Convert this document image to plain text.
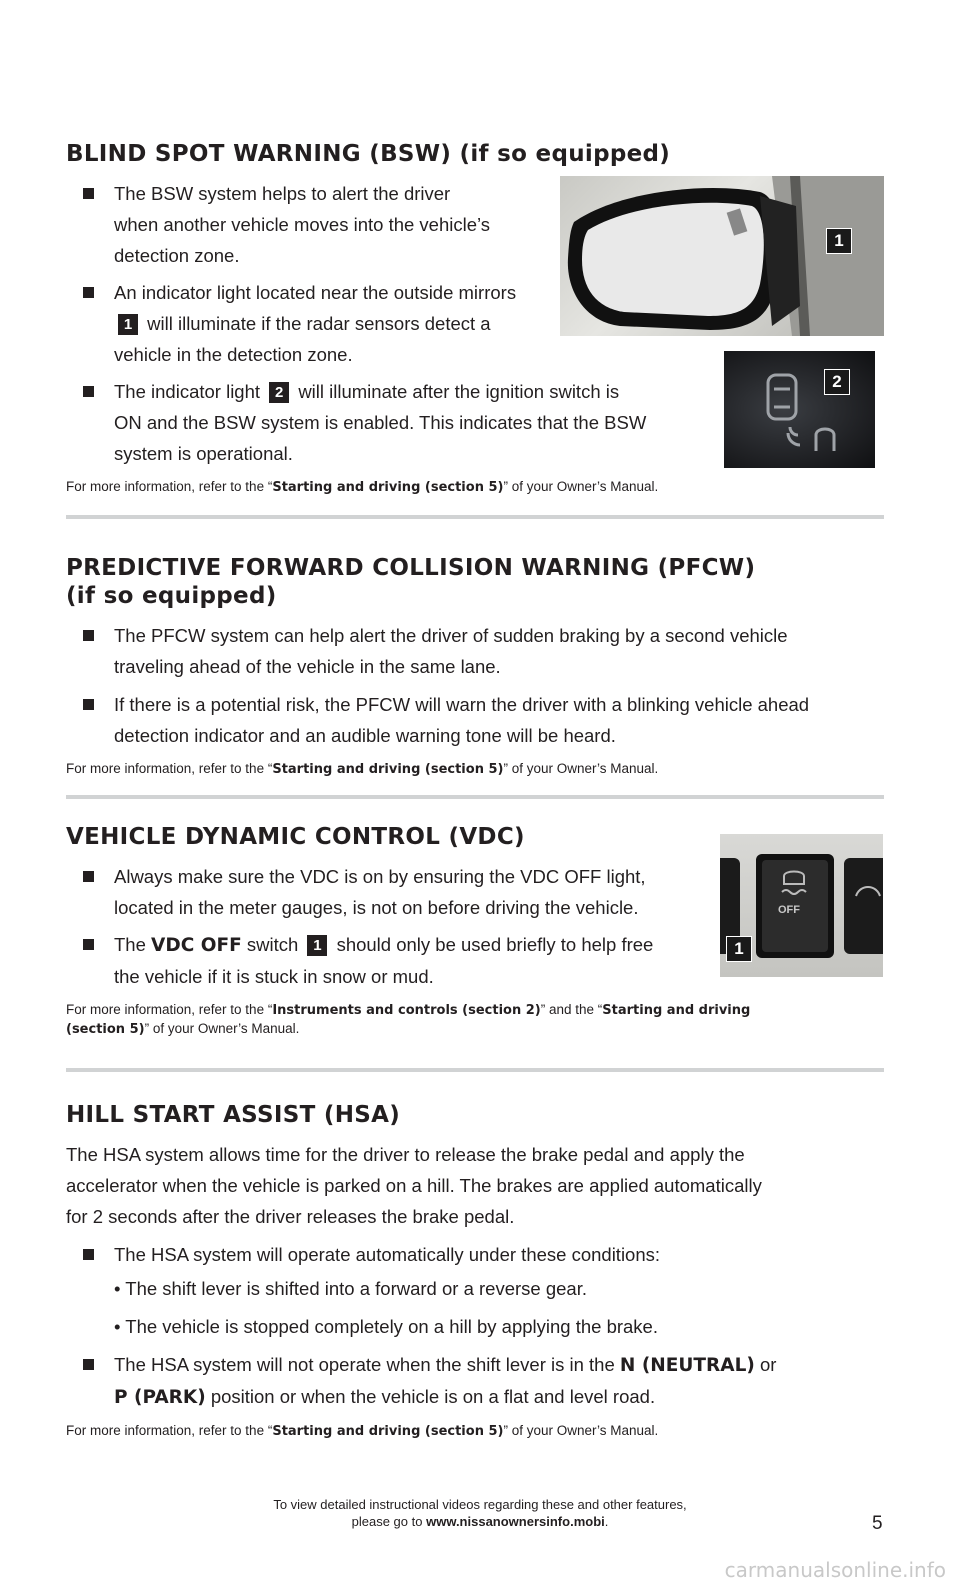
BLIND SPOT WARNING (BSW) (if so equipped)
The BSW system helps to alert the driver
when another vehicle moves into the vehicle’s
detection zone.
An indicator light located near the outside mirrors
1 will illuminate if the radar sensors detect a
vehicle in the detection zone.
The indicator light 2 will illuminate after the ignition switch is
ON and the BSW system is enabled. This indicates that the BSW
system is operational.
For more information, refer to the “Starting and driving (section 5)” of your Owner’s Manual.
1
2
PREDICTIVE FORWARD COLLISION WARNING (PFCW)
(if so equipped)
The PFCW system can help alert the driver of sudden braking by a second vehicle
traveling ahead of the vehicle in the same lane.
If there is a potential risk, the PFCW will warn the driver with a blinking vehicle ahead
detection indicator and an audible warning tone will be heard.
For more information, refer to the “Starting and driving (section 5)” of your Owner’s Manual.
VEHICLE DYNAMIC CONTROL (VDC)
Always make sure the VDC is on by ensuring the VDC OFF light,
located in the meter gauges, is not on before driving the vehicle.
The VDC OFF switch 1 should only be used briefly to help free
the vehicle if it is stuck in snow or mud.
For more information, refer to the “Instruments and controls (section 2)” and the “Starting and driving
(section 5)” of your Owner’s Manual.
OFF
1
HILL START ASSIST (HSA)
The HSA system allows time for the driver to release the brake pedal and apply the
accelerator when the vehicle is parked on a hill. The brakes are applied automatically
for 2 seconds after the driver releases the brake pedal.
The HSA system will operate automatically under these conditions:
• The shift lever is shifted into a forward or a reverse gear.
• The vehicle is stopped completely on a hill by applying the brake.
The HSA system will not operate when the shift lever is in the N (NEUTRAL) or
P (PARK) position or when the vehicle is on a flat and level road.
For more information, refer to the “Starting and driving (section 5)” of your Owner’s Manual.
To view detailed instructional videos regarding these and other features,
please go to www.nissanownersinfo.mobi.	5
carmanualsonline.info
